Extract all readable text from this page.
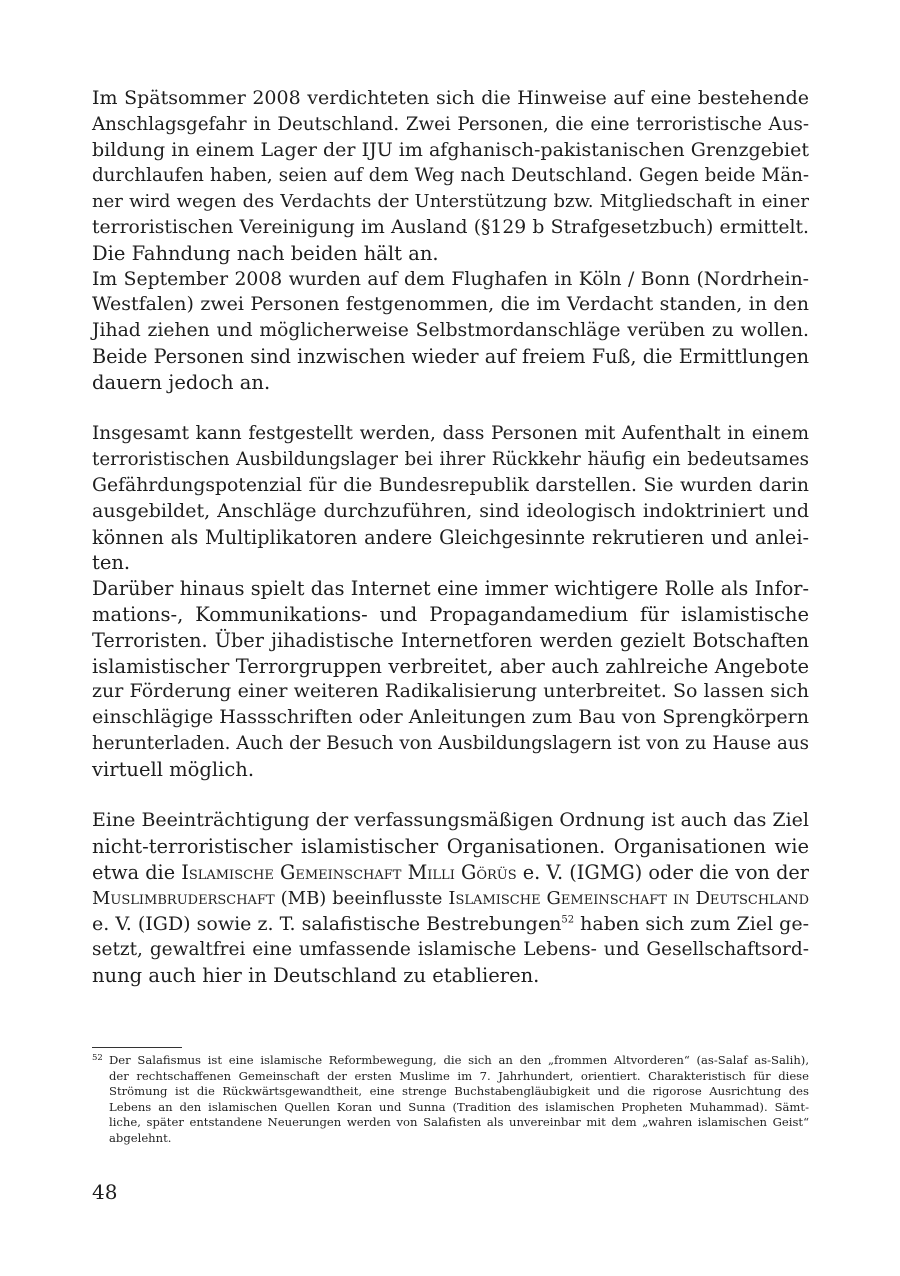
Im Spätsommer 2008 verdichteten sich die Hinweise auf eine bestehende
Anschlagsgefahr in Deutschland. Zwei Personen, die eine terroristische Aus-
bildung in einem Lager der IJU im afghanisch-pakistanischen Grenzgebiet
durchlaufen haben, seien auf dem Weg nach Deutschland. Gegen beide Män-
ner wird wegen des Verdachts der Unterstützung bzw. Mitgliedschaft in einer
terroristischen Vereinigung im Ausland (§129 b Strafgesetzbuch) ermittelt.
Die Fahndung nach beiden hält an.
Im September 2008 wurden auf dem Flughafen in Köln / Bonn (Nordrhein-
Westfalen) zwei Personen festgenommen, die im Verdacht standen, in den
Jihad ziehen und möglicherweise Selbstmordanschläge verüben zu wollen.
Beide Personen sind inzwischen wieder auf freiem Fuß, die Ermittlungen
dauern jedoch an.
Insgesamt kann festgestellt werden, dass Personen mit Aufenthalt in einem
terroristischen Ausbildungslager bei ihrer Rückkehr häufig ein bedeutsames
Gefährdungspotenzial für die Bundesrepublik darstellen. Sie wurden darin
ausgebildet, Anschläge durchzuführen, sind ideologisch indoktriniert und
können als Multiplikatoren andere Gleichgesinnte rekrutieren und anlei-
ten.
Darüber hinaus spielt das Internet eine immer wichtigere Rolle als Infor-
mations-, Kommunikations- und Propagandamedium für islamistische
Terroristen. Über jihadistische Internetforen werden gezielt Botschaften
islamistischer Terrorgruppen verbreitet, aber auch zahlreiche Angebote
zur Förderung einer weiteren Radikalisierung unterbreitet. So lassen sich
einschlägige Hassschriften oder Anleitungen zum Bau von Sprengkörpern
herunterladen. Auch der Besuch von Ausbildungslagern ist von zu Hause aus
virtuell möglich.
Eine Beeinträchtigung der verfassungsmäßigen Ordnung ist auch das Ziel
nicht-terroristischer islamistischer Organisationen. Organisationen wie
etwa die Islamische Gemeinschaft Milli Görüs e. V. (IGMG) oder die von der
Muslimbruderschaft (MB) beeinflusste Islamische Gemeinschaft in Deutschland
e. V. (IGD) sowie z. T. salafistische Bestrebungen$^{52}$ haben sich zum Ziel ge-
setzt, gewaltfrei eine umfassende islamische Lebens- und Gesellschaftsord-
nung auch hier in Deutschland zu etablieren.
52 Der Salafismus ist eine islamische Reformbewegung, die sich an den „frommen Altvorderen“ (as-Salaf as-Salih),
der rechtschaffenen Gemeinschaft der ersten Muslime im 7. Jahrhundert, orientiert. Charakteristisch für diese
Strömung ist die Rückwärtsgewandtheit, eine strenge Buchstabengläubigkeit und die rigorose Ausrichtung des
Lebens an den islamischen Quellen Koran und Sunna (Tradition des islamischen Propheten Muhammad). Sämt-
liche, später entstandene Neuerungen werden von Salafisten als unvereinbar mit dem „wahren islamischen Geist“
abgelehnt.
48
